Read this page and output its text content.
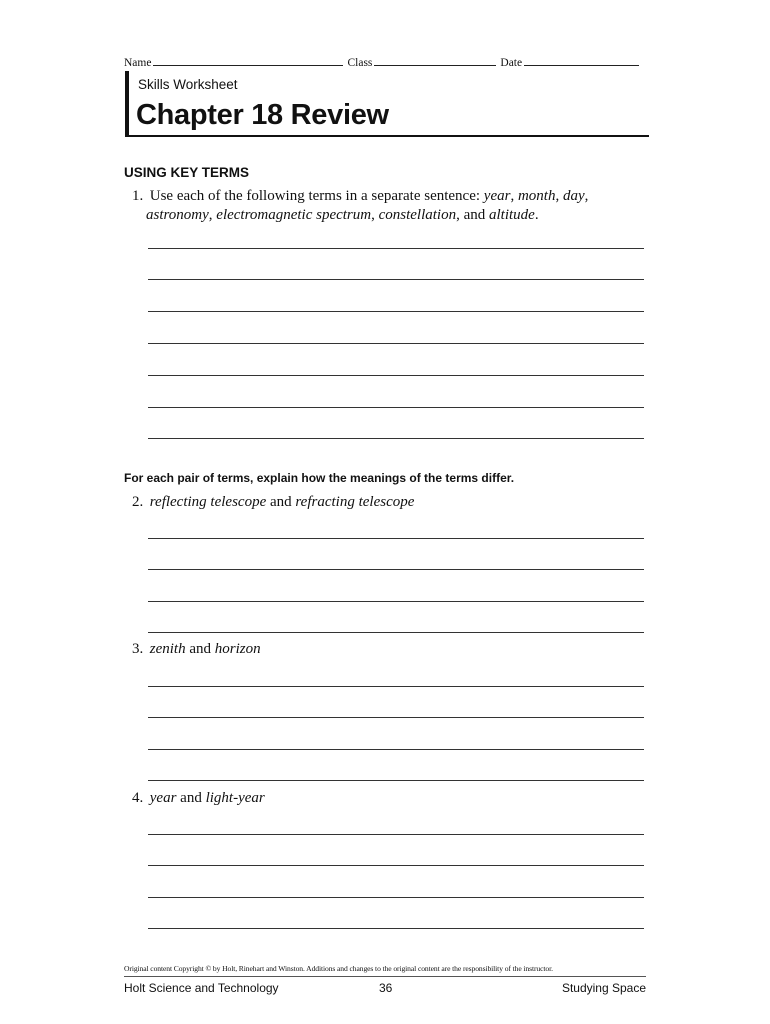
Name	Class	Date
Skills Worksheet
Chapter 18 Review
USING KEY TERMS
1. Use each of the following terms in a separate sentence: year, month, day,
astronomy, electromagnetic spectrum, constellation, and altitude.
For each pair of terms, explain how the meanings of the terms differ.
2. reflecting telescope and refracting telescope
3. zenith and horizon
4. year and light-year
Original content Copyright © by Holt, Rinehart and Winston. Additions and changes to the original content are the responsibility of the instructor.
Holt Science and Technology	36	Studying Space
